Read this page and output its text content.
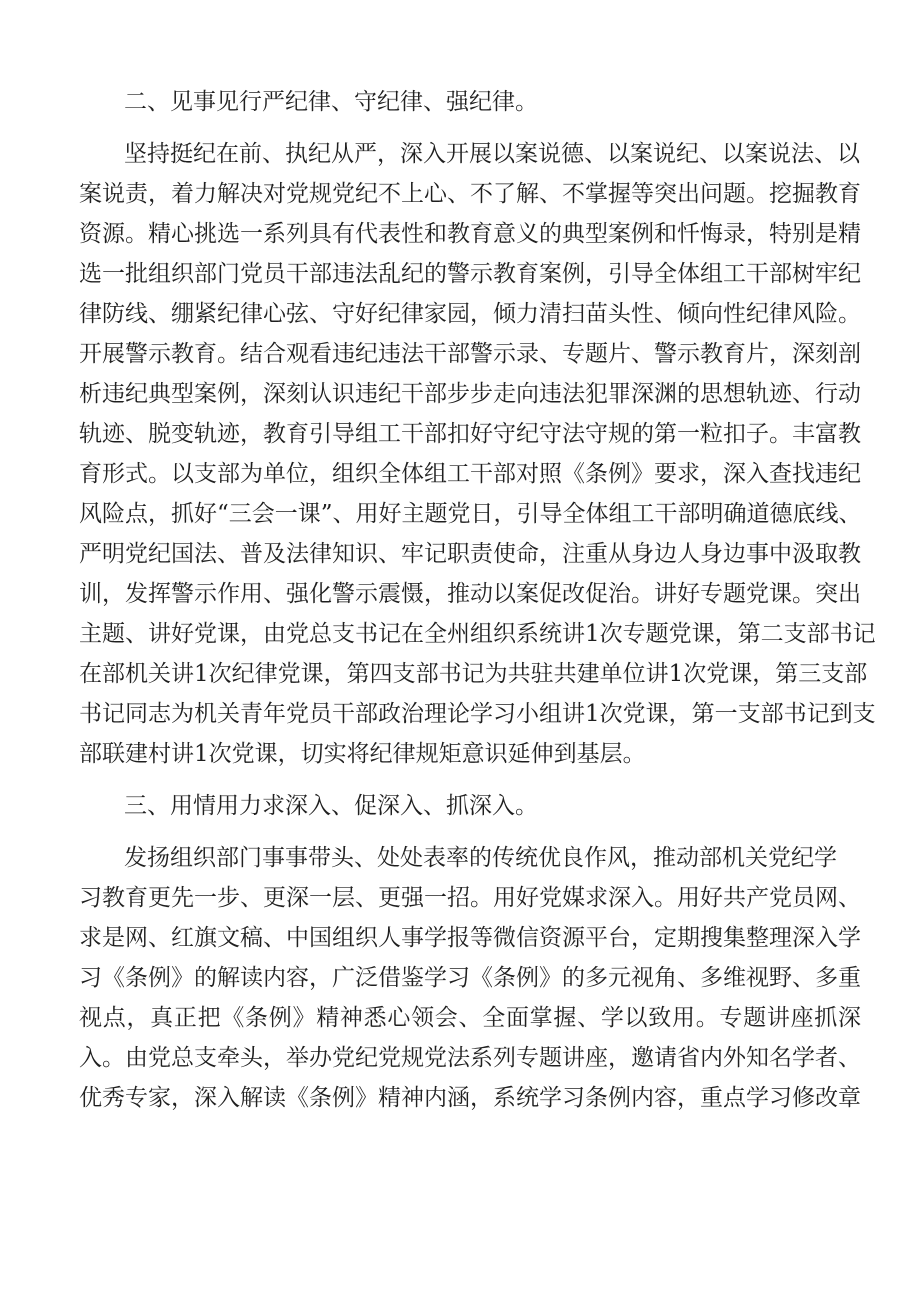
二、见事见行严纪律、守纪律、强纪律。
坚持挺纪在前、执纪从严，深入开展以案说德、以案说纪、以案说法、以
案 说 责 ， 着 力 解 决 对 党 规 党 纪 不 上 心 、 不 了 解 、 不 掌 握 等 突 出 问 题 。 挖 掘 教 育
资 源 。 精 心 挑 选 一 系 列 具 有 代 表 性 和 教 育 意 义 的 典 型 案 例 和 忏 悔 录 ， 特 别 是 精
选 一 批 组 织 部 门 党 员 干 部 违 法 乱 纪 的 警 示 教 育 案 例 ， 引 导 全 体 组 工 干 部 树 牢 纪
律 防 线 、 绷 紧 纪 律 心 弦 、 守 好 纪 律 家 园 ， 倾 力 清 扫 苗 头 性 、 倾 向 性 纪 律 风 险 。
开 展 警 示 教 育 。 结 合 观 看 违 纪 违 法 干 部 警 示 录 、 专 题 片 、 警 示 教 育 片 ， 深 刻 剖
析 违 纪 典 型 案 例 ， 深 刻 认 识 违 纪 干 部 步 步 走 向 违 法 犯 罪 深 渊 的 思 想 轨 迹 、 行 动
轨 迹 、 脱 变 轨 迹 ， 教 育 引 导 组 工 干 部 扣 好 守 纪 守 法 守 规 的 第 一 粒 扣 子 。 丰 富 教
育 形 式 。 以 支 部 为 单 位 ， 组 织 全 体 组 工 干 部 对 照 《 条 例 》 要 求 ， 深 入 查 找 违 纪
风 险 点 ， 抓 好 “ 三 会 一 课 ” 、 用 好 主 题 党 日 ， 引 导 全 体 组 工 干 部 明 确 道 德 底 线 、
严 明 党 纪 国 法 、 普 及 法 律 知 识 、 牢 记 职 责 使 命 ， 注 重 从 身 边 人 身 边 事 中 汲 取 教
训 ， 发 挥 警 示 作 用 、 强 化 警 示 震 慑 ， 推 动 以 案 促 改 促 治 。 讲 好 专 题 党 课 。 突 出
主 题 、 讲 好 党 课 ， 由 党 总 支 书 记 在 全 州 组 织 系 统 讲 1 次 专 题 党 课 ， 第 二 支 部 书 记
在 部 机 关 讲 1 次 纪 律 党 课 ， 第 四 支 部 书 记 为 共 驻 共 建 单 位 讲 1 次 党 课 ， 第 三 支 部
书 记 同 志 为 机 关 青 年 党 员 干 部 政 治 理 论 学 习 小 组 讲 1 次 党 课 ， 第 一 支 部 书 记 到 支
部联建村讲1次党课，切实将纪律规矩意识延伸到基层。
三、用情用力求深入、促深入、抓深入。
发扬组织部门事事带头、处处表率的传统优良作风，推动部机关党纪学
习 教 育 更 先 一 步 、 更 深 一 层 、 更 强 一 招 。 用 好 党 媒 求 深 入 。 用 好 共 产 党 员 网 、
求 是 网 、 红 旗 文 稿 、 中 国 组 织 人 事 学 报 等 微 信 资 源 平 台 ， 定 期 搜 集 整 理 深 入 学
习 《 条 例 》 的 解 读 内 容 ， 广 泛 借 鉴 学 习 《 条 例 》 的 多 元 视 角 、 多 维 视 野 、 多 重
视 点 ， 真 正 把 《 条 例 》 精 神 悉 心 领 会 、 全 面 掌 握 、 学 以 致 用 。 专 题 讲 座 抓 深
入 。 由 党 总 支 牵 头 ， 举 办 党 纪 党 规 党 法 系 列 专 题 讲 座 ， 邀 请 省 内 外 知 名 学 者 、
优 秀 专 家 ， 深 入 解 读 《 条 例 》 精 神 内 涵 ， 系 统 学 习 条 例 内 容 ， 重 点 学 习 修 改 章
